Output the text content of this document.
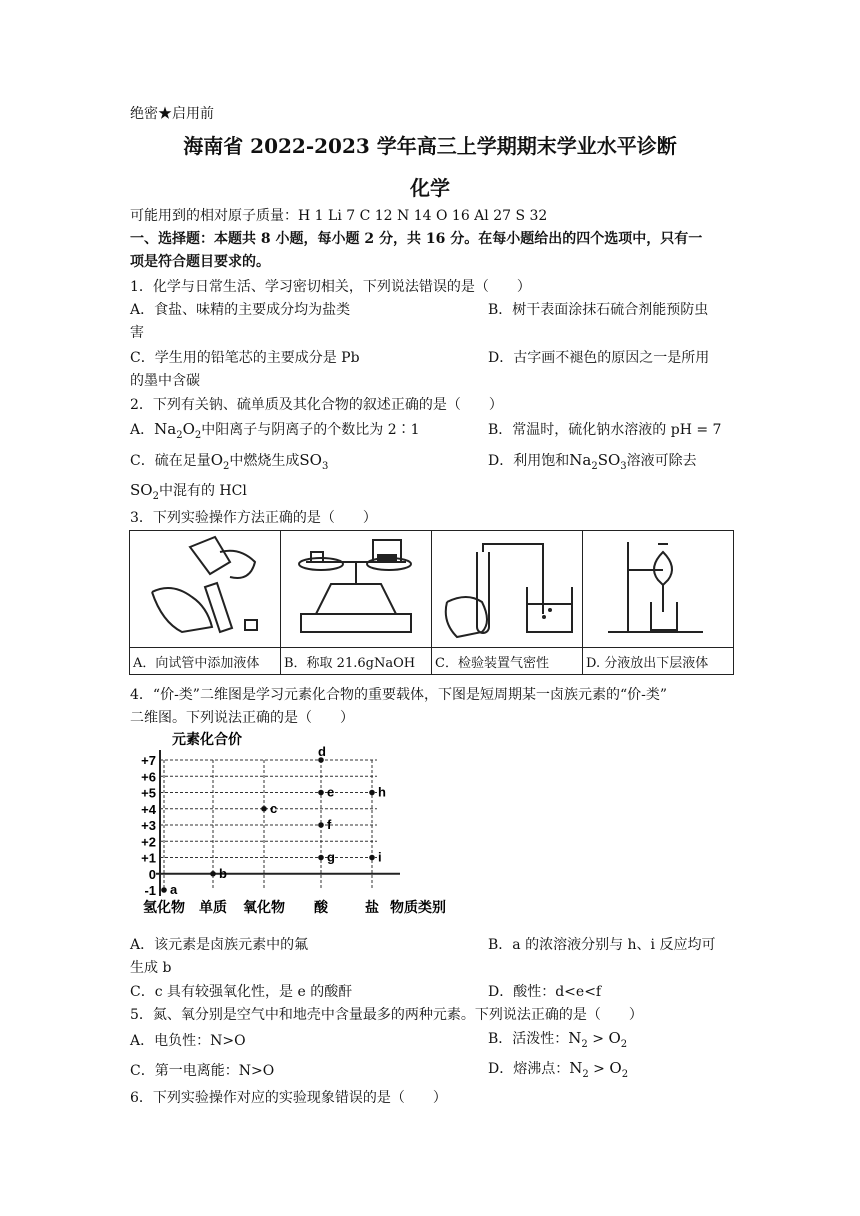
绝密★启用前
海南省 2022-2023 学年高三上学期期末学业水平诊断
化学
可能用到的相对原子质量：H 1 Li 7 C 12 N 14 O 16 Al 27 S 32
一、选择题：本题共 8 小题，每小题 2 分，共 16 分。在每小题给出的四个选项中，只有一
项是符合题目要求的。
1．化学与日常生活、学习密切相关，下列说法错误的是（　　）
A．食盐、味精的主要成分均为盐类	B．树干表面涂抹石硫合剂能预防虫
害
C．学生用的铅笔芯的主要成分是 Pb	D．古字画不褪色的原因之一是所用
的墨中含碳
2．下列有关钠、硫单质及其化合物的叙述正确的是（　　）
A．$Na_2O_2$中阳离子与阴离子的个数比为 2∶1	B．常温时，硫化钠水溶液的 pH = 7
C．硫在足量$O_2$中燃烧生成$SO_3$	D．利用饱和$Na_2SO_3$溶液可除去
$SO_2$中混有的 HCl
3．下列实验操作方法正确的是（　　）

A．向试管中添加液体	B．称取 21.6gNaOH	C．检验装置气密性	D. 分液放出下层液体
4．“价-类”二维图是学习元素化合物的重要载体，下图是短周期某一卤族元素的“价-类”
二维图。下列说法正确的是（　　）
元素化合价
物质类别
+7
+6
+5
+4
+3
+2
+1
0
-1
氢化物 单质 氧化物 酸	盐
a
b
c
d
e
f
g
h
i
A．该元素是卤族元素中的氟	B．a 的浓溶液分别与 h、i 反应均可
生成 b
C．c 具有较强氧化性，是 e 的酸酐	D．酸性：d<e<f
5．氮、氧分别是空气中和地壳中含量最多的两种元素。下列说法正确的是（　　）
A．电负性：N>O	B．活泼性：$N_2 > O_2$
C．第一电离能：N>O	D．熔沸点：$N_2 > O_2$
6．下列实验操作对应的实验现象错误的是（　　）
